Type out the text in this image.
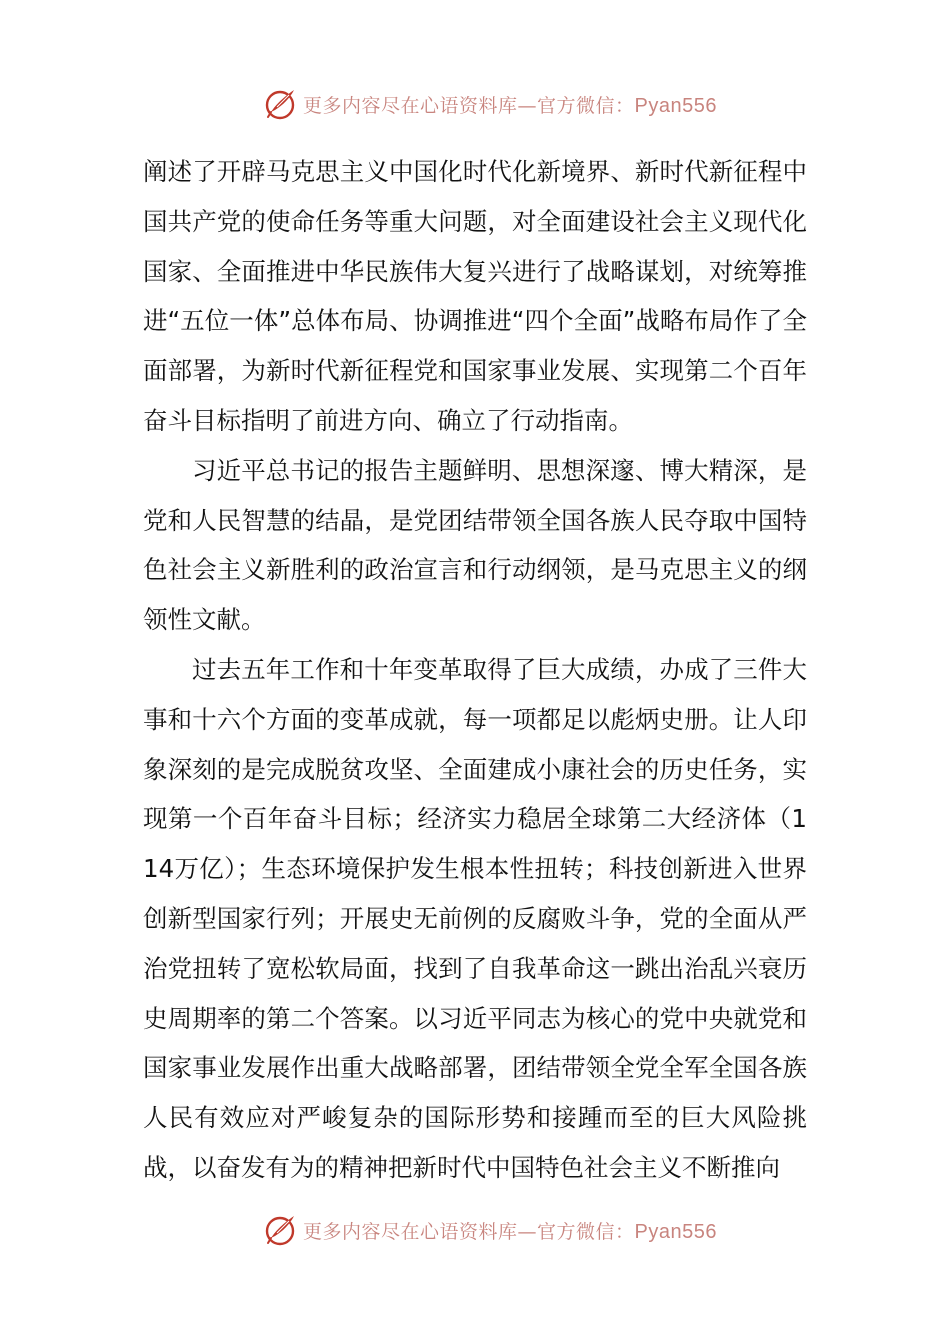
更多内容尽在心语资料库—官方微信：Pyan556

阐述了开辟马克思主义中国化时代化新境界、新时代新征程中国共产党的使命任务等重大问题，对全面建设社会主义现代化国家、全面推进中华民族伟大复兴进行了战略谋划，对统筹推进“五位一体”总体布局、协调推进“四个全面”战略布局作了全面部署，为新时代新征程党和国家事业发展、实现第二个百年奋斗目标指明了前进方向、确立了行动指南。

习近平总书记的报告主题鲜明、思想深邃、博大精深，是党和人民智慧的结晶，是党团结带领全国各族人民夺取中国特色社会主义新胜利的政治宣言和行动纲领，是马克思主义的纲领性文献。

过去五年工作和十年变革取得了巨大成绩，办成了三件大事和十六个方面的变革成就，每一项都足以彪炳史册。让人印象深刻的是完成脱贫攻坚、全面建成小康社会的历史任务，实现第一个百年奋斗目标；经济实力稳居全球第二大经济体（114万亿）；生态环境保护发生根本性扭转；科技创新进入世界创新型国家行列；开展史无前例的反腐败斗争，党的全面从严治党扭转了宽松软局面，找到了自我革命这一跳出治乱兴衰历史周期率的第二个答案。以习近平同志为核心的党中央就党和国家事业发展作出重大战略部署，团结带领全党全军全国各族人民有效应对严峻复杂的国际形势和接踵而至的巨大风险挑战，以奋发有为的精神把新时代中国特色社会主义不断推向

更多内容尽在心语资料库—官方微信：Pyan556
